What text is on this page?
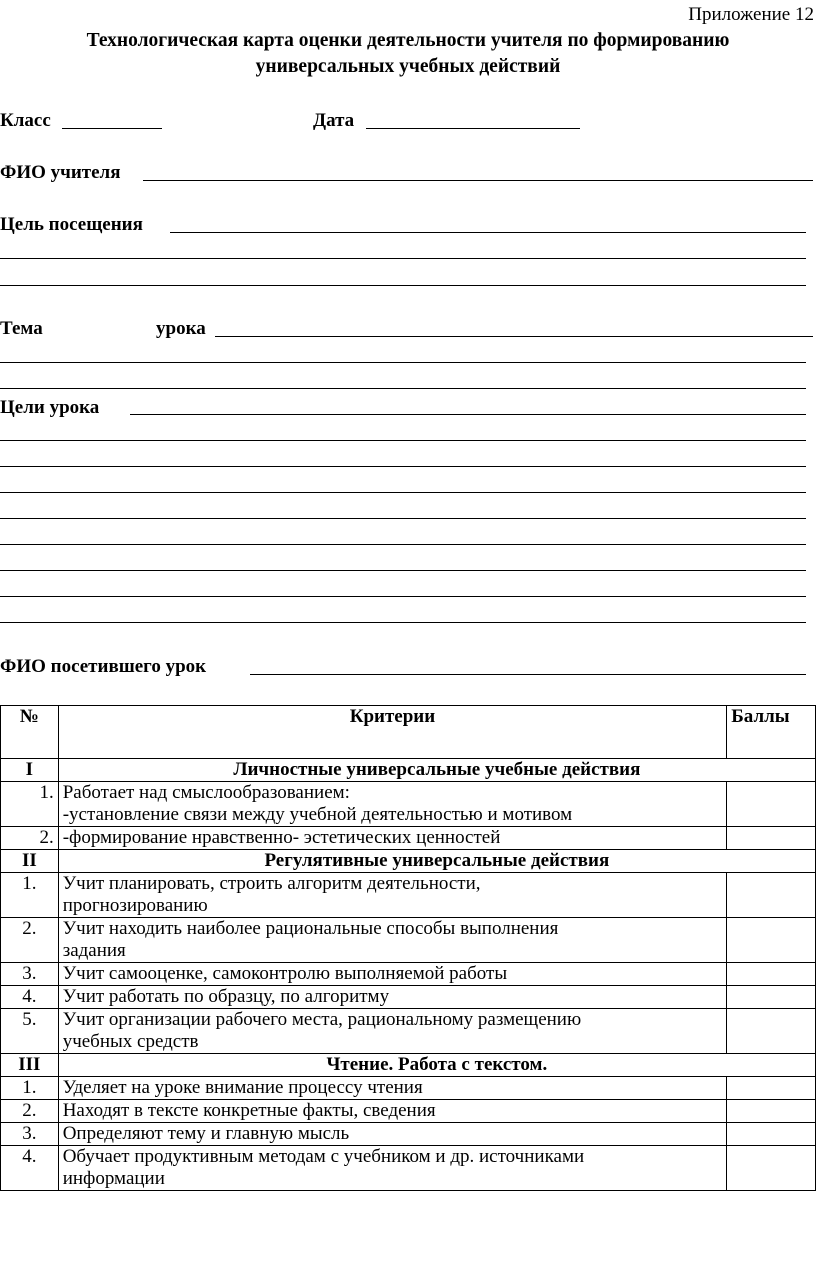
Приложение 12
Технологическая карта оценки деятельности учителя по формированию
универсальных учебных действий
Класс	Дата
ФИО учителя
Цель посещения
Тема	урока
Цели урока
ФИО посетившего урок
№	Критерии	Баллы
I	Личностные универсальные учебные действия	
1.	Работает над смыслообразованием:
-установление связи между учебной деятельностью и мотивом	

2.	-формирование нравственно- эстетических ценностей	

II	Регулятивные универсальные действия	
1.	Учит планировать, строить алгоритм деятельности,
прогнозированию	

2.	Учит находить наиболее рациональные способы выполнения
задания	

3.	Учит самооценке, самоконтролю выполняемой работы	

4.	Учит работать по образцу, по алгоритму	

5.	Учит организации рабочего места, рациональному размещению
учебных средств	

III	Чтение. Работа с текстом.	
1.	Уделяет на уроке внимание процессу чтения	

2.	Находят в тексте конкретные факты, сведения	

3.	Определяют тему и главную мысль	

4.	Обучает продуктивным методам с учебником и др. источниками
информации	
